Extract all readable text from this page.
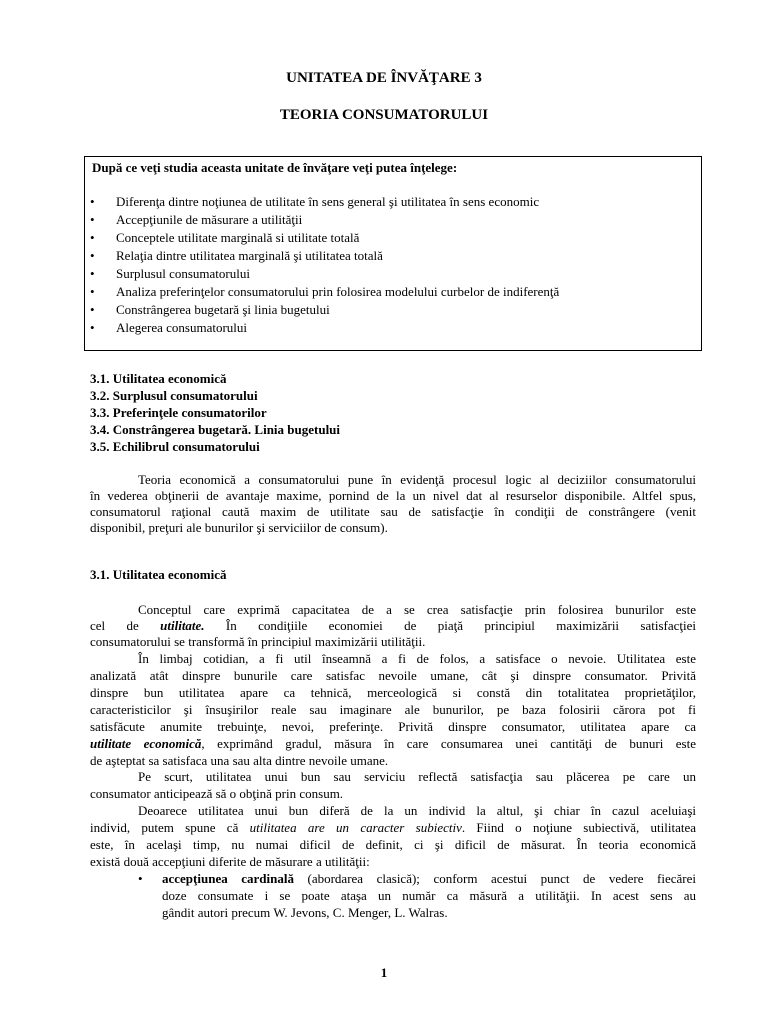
UNITATEA DE ÎNVĂŢARE 3
TEORIA CONSUMATORULUI
După ce veţi studia aceasta unitate de învăţare veţi putea înţelege:
• Diferenţa dintre noţiunea de utilitate în sens general şi utilitatea în sens economic
• Accepţiunile de măsurare a utilităţii
• Conceptele utilitate marginală si utilitate totală
• Relaţia dintre utilitatea marginală şi utilitatea totală
• Surplusul consumatorului
• Analiza preferinţelor consumatorului prin folosirea modelului curbelor de indiferenţă
• Constrângerea bugetară şi linia bugetului
• Alegerea consumatorului
3.1. Utilitatea economică
3.2. Surplusul consumatorului
3.3. Preferinţele consumatorilor
3.4. Constrângerea bugetară. Linia bugetului
3.5. Echilibrul consumatorului
Teoria economică a consumatorului pune în evidenţă procesul logic al deciziilor consumatorului
în vederea obţinerii de avantaje maxime, pornind de la un nivel dat al resurselor disponibile. Altfel spus,
consumatorul raţional caută maxim de utilitate sau de satisfacţie în condiţii de constrângere (venit
disponibil, preţuri ale bunurilor şi serviciilor de consum).
3.1. Utilitatea economică
Conceptul care exprimă capacitatea de a se crea satisfacţie prin folosirea bunurilor este
cel de utilitate. În condiţiile economiei de piaţă principiul maximizării satisfacţiei
consumatorului se transformă în principiul maximizării utilităţii.
În limbaj cotidian, a fi util înseamnă a fi de folos, a satisface o nevoie. Utilitatea este
analizată atât dinspre bunurile care satisfac nevoile umane, cât şi dinspre consumator. Privită
dinspre bun utilitatea apare ca tehnică, merceologică si constă din totalitatea proprietăţilor,
caracteristicilor şi însuşirilor reale sau imaginare ale bunurilor, pe baza folosirii cărora pot fi
satisfăcute anumite trebuinţe, nevoi, preferinţe. Privită dinspre consumator, utilitatea apare ca
utilitate economică, exprimând gradul, măsura în care consumarea unei cantităţi de bunuri este
de aşteptat sa satisfaca una sau alta dintre nevoile umane.
Pe scurt, utilitatea unui bun sau serviciu reflectă satisfacţia sau plăcerea pe care un
consumator anticipează să o obţină prin consum.
Deoarece utilitatea unui bun diferă de la un individ la altul, şi chiar în cazul aceluiaşi
individ, putem spune că utilitatea are un caracter subiectiv. Fiind o noţiune subiectivă, utilitatea
este, în acelaşi timp, nu numai dificil de definit, ci şi dificil de măsurat. În teoria economică
există două accepţiuni diferite de măsurare a utilităţii:
•	accepţiunea cardinală (abordarea clasică); conform acestui punct de vedere fiecărei
doze consumate i se poate ataşa un număr ca măsură a utilităţii. In acest sens au
gândit autori precum W. Jevons, C. Menger, L. Walras.
1
